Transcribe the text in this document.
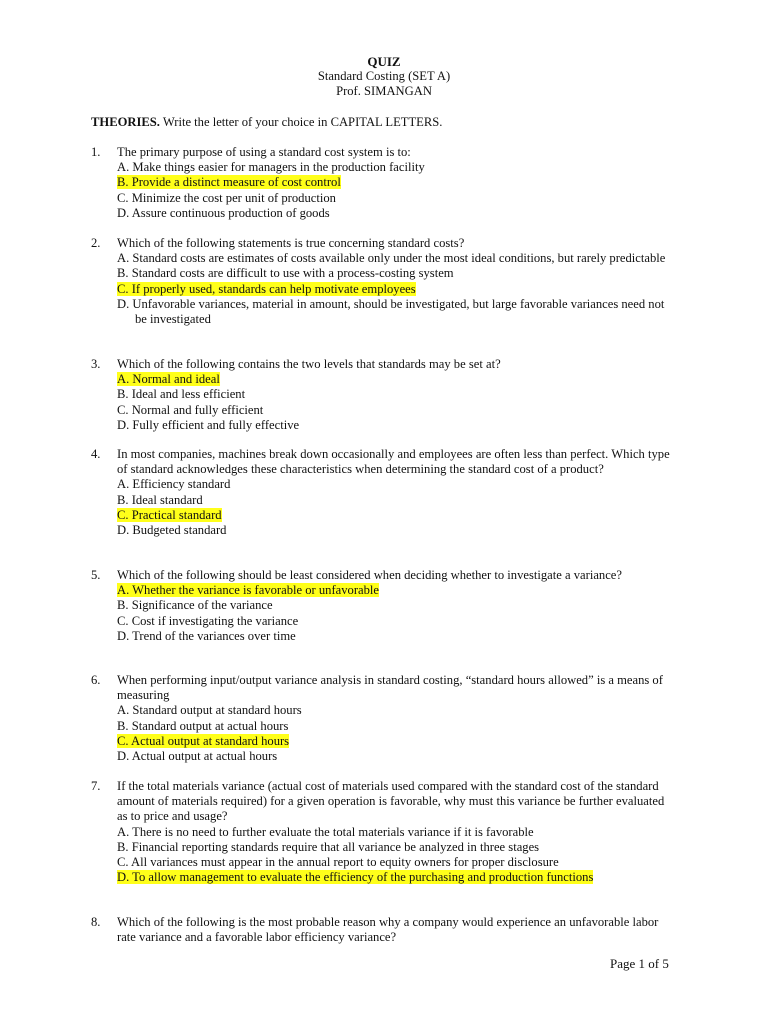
QUIZ
Standard Costing (SET A)
Prof. SIMANGAN
THEORIES. Write the letter of your choice in CAPITAL LETTERS.
1. The primary purpose of using a standard cost system is to:
A. Make things easier for managers in the production facility
B. Provide a distinct measure of cost control
C. Minimize the cost per unit of production
D. Assure continuous production of goods
2. Which of the following statements is true concerning standard costs?
A. Standard costs are estimates of costs available only under the most ideal conditions, but rarely predictable
B. Standard costs are difficult to use with a process-costing system
C. If properly used, standards can help motivate employees
D. Unfavorable variances, material in amount, should be investigated, but large favorable variances need not be investigated
3. Which of the following contains the two levels that standards may be set at?
A. Normal and ideal
B. Ideal and less efficient
C. Normal and fully efficient
D. Fully efficient and fully effective
4. In most companies, machines break down occasionally and employees are often less than perfect. Which type of standard acknowledges these characteristics when determining the standard cost of a product?
A. Efficiency standard
B. Ideal standard
C. Practical standard
D. Budgeted standard
5. Which of the following should be least considered when deciding whether to investigate a variance?
A. Whether the variance is favorable or unfavorable
B. Significance of the variance
C. Cost if investigating the variance
D. Trend of the variances over time
6. When performing input/output variance analysis in standard costing, “standard hours allowed” is a means of measuring
A. Standard output at standard hours
B. Standard output at actual hours
C. Actual output at standard hours
D. Actual output at actual hours
7. If the total materials variance (actual cost of materials used compared with the standard cost of the standard amount of materials required) for a given operation is favorable, why must this variance be further evaluated as to price and usage?
A. There is no need to further evaluate the total materials variance if it is favorable
B. Financial reporting standards require that all variance be analyzed in three stages
C. All variances must appear in the annual report to equity owners for proper disclosure
D. To allow management to evaluate the efficiency of the purchasing and production functions
8. Which of the following is the most probable reason why a company would experience an unfavorable labor rate variance and a favorable labor efficiency variance?
Page 1 of 5
